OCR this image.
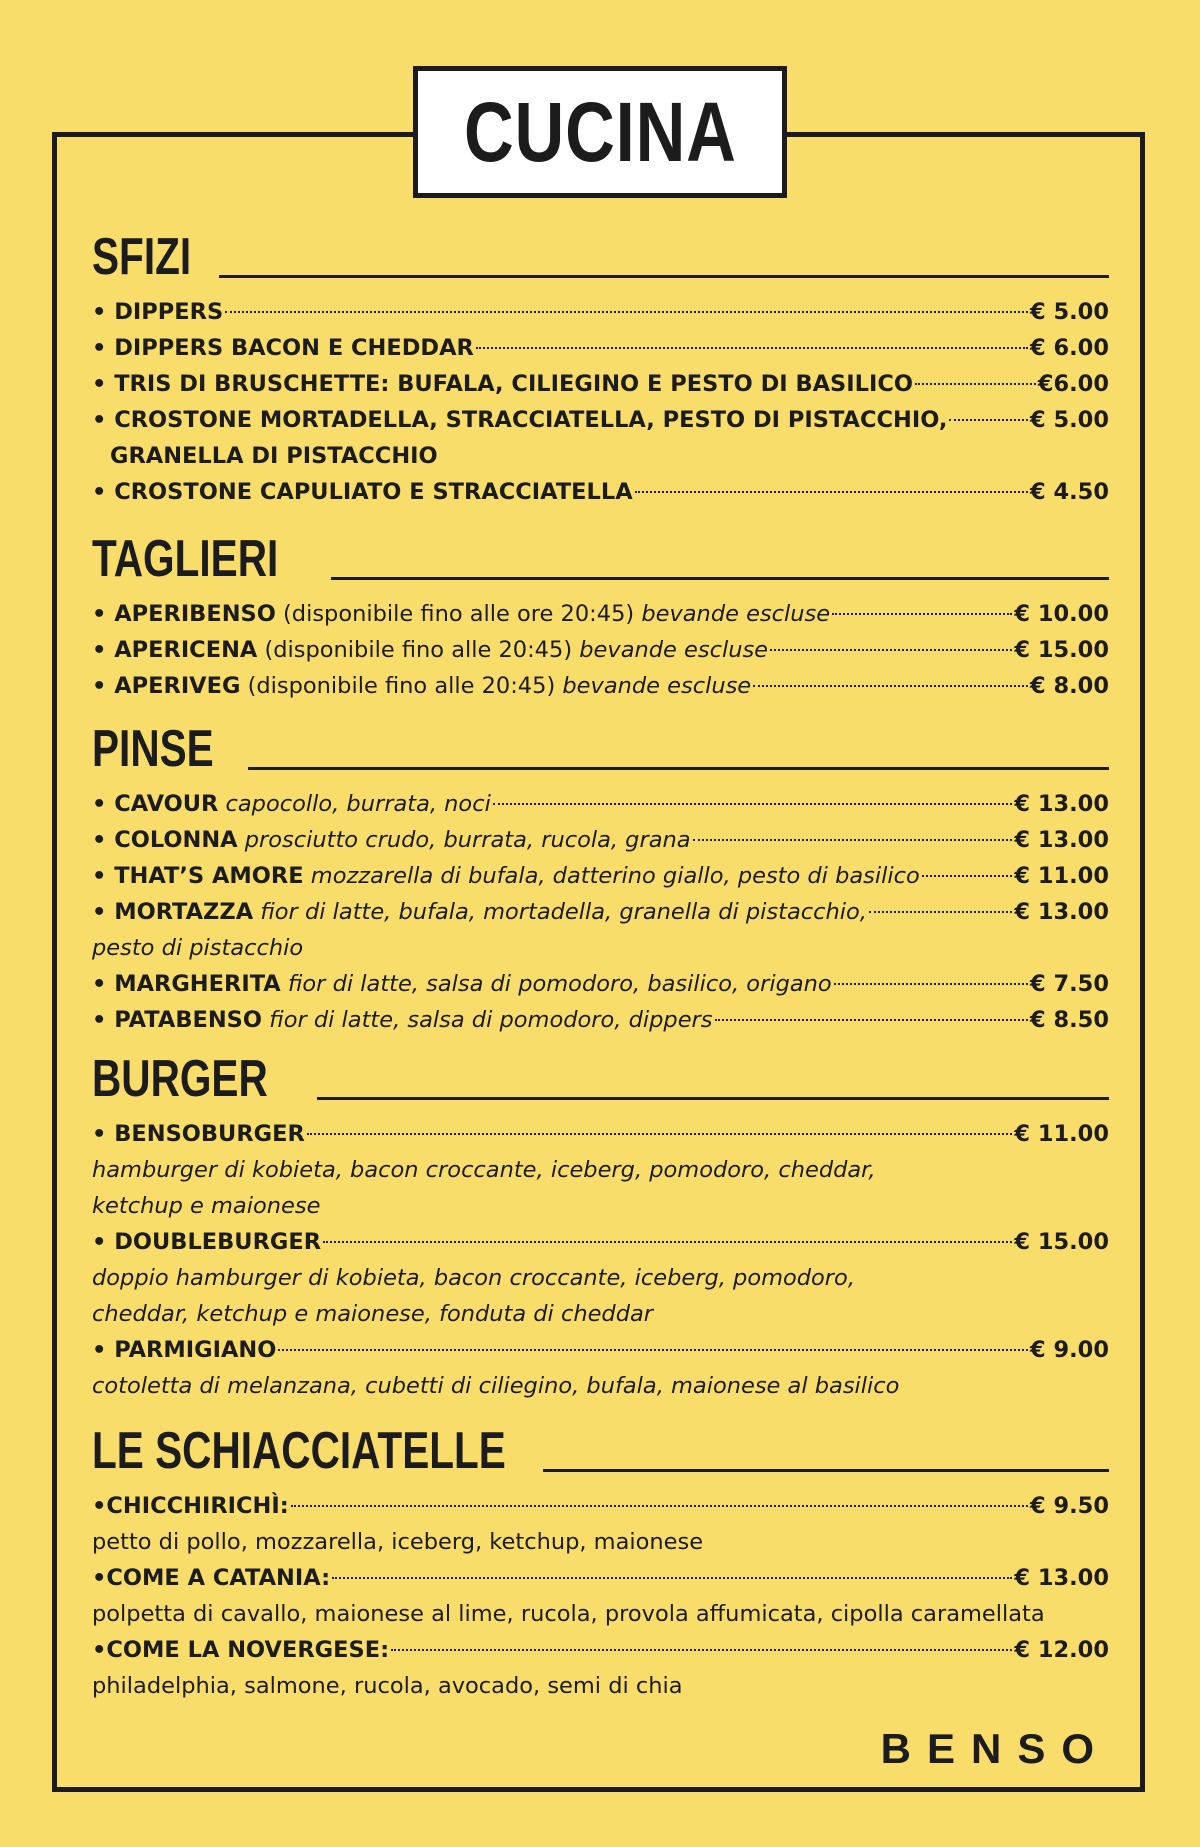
CUCINA
SFIZI
• DIPPERS	€ 5.00
• DIPPERS BACON E CHEDDAR	€ 6.00
• TRIS DI BRUSCHETTE: BUFALA, CILIEGINO E PESTO DI BASILICO	€6.00
• CROSTONE MORTADELLA, STRACCIATELLA, PESTO DI PISTACCHIO,	€ 5.00
GRANELLA DI PISTACCHIO
• CROSTONE CAPULIATO E STRACCIATELLA	€ 4.50
TAGLIERI
• APERIBENSO (disponibile fino alle ore 20:45) bevande escluse	€ 10.00
• APERICENA (disponibile fino alle 20:45) bevande escluse	€ 15.00
• APERIVEG (disponibile fino alle 20:45) bevande escluse	€ 8.00
PINSE
• CAVOUR capocollo, burrata, noci	€ 13.00
• COLONNA prosciutto crudo, burrata, rucola, grana	€ 13.00
• THAT’S AMORE mozzarella di bufala, datterino giallo, pesto di basilico	€ 11.00
• MORTAZZA fior di latte, bufala, mortadella, granella di pistacchio,	€ 13.00
pesto di pistacchio
• MARGHERITA fior di latte, salsa di pomodoro, basilico, origano	€ 7.50
• PATABENSO fior di latte, salsa di pomodoro, dippers	€ 8.50
BURGER
• BENSOBURGER	€ 11.00
hamburger di kobieta, bacon croccante, iceberg, pomodoro, cheddar,
ketchup e maionese
• DOUBLEBURGER	€ 15.00
doppio hamburger di kobieta, bacon croccante, iceberg, pomodoro,
cheddar, ketchup e maionese, fonduta di cheddar
• PARMIGIANO	€ 9.00
cotoletta di melanzana, cubetti di ciliegino, bufala, maionese al basilico
LE SCHIACCIATELLE
•CHICCHIRICHÌ:	€ 9.50
petto di pollo, mozzarella, iceberg, ketchup, maionese
•COME A CATANIA:	€ 13.00
polpetta di cavallo, maionese al lime, rucola, provola affumicata, cipolla caramellata
•COME LA NOVERGESE:	€ 12.00
philadelphia, salmone, rucola, avocado, semi di chia
BENSO
